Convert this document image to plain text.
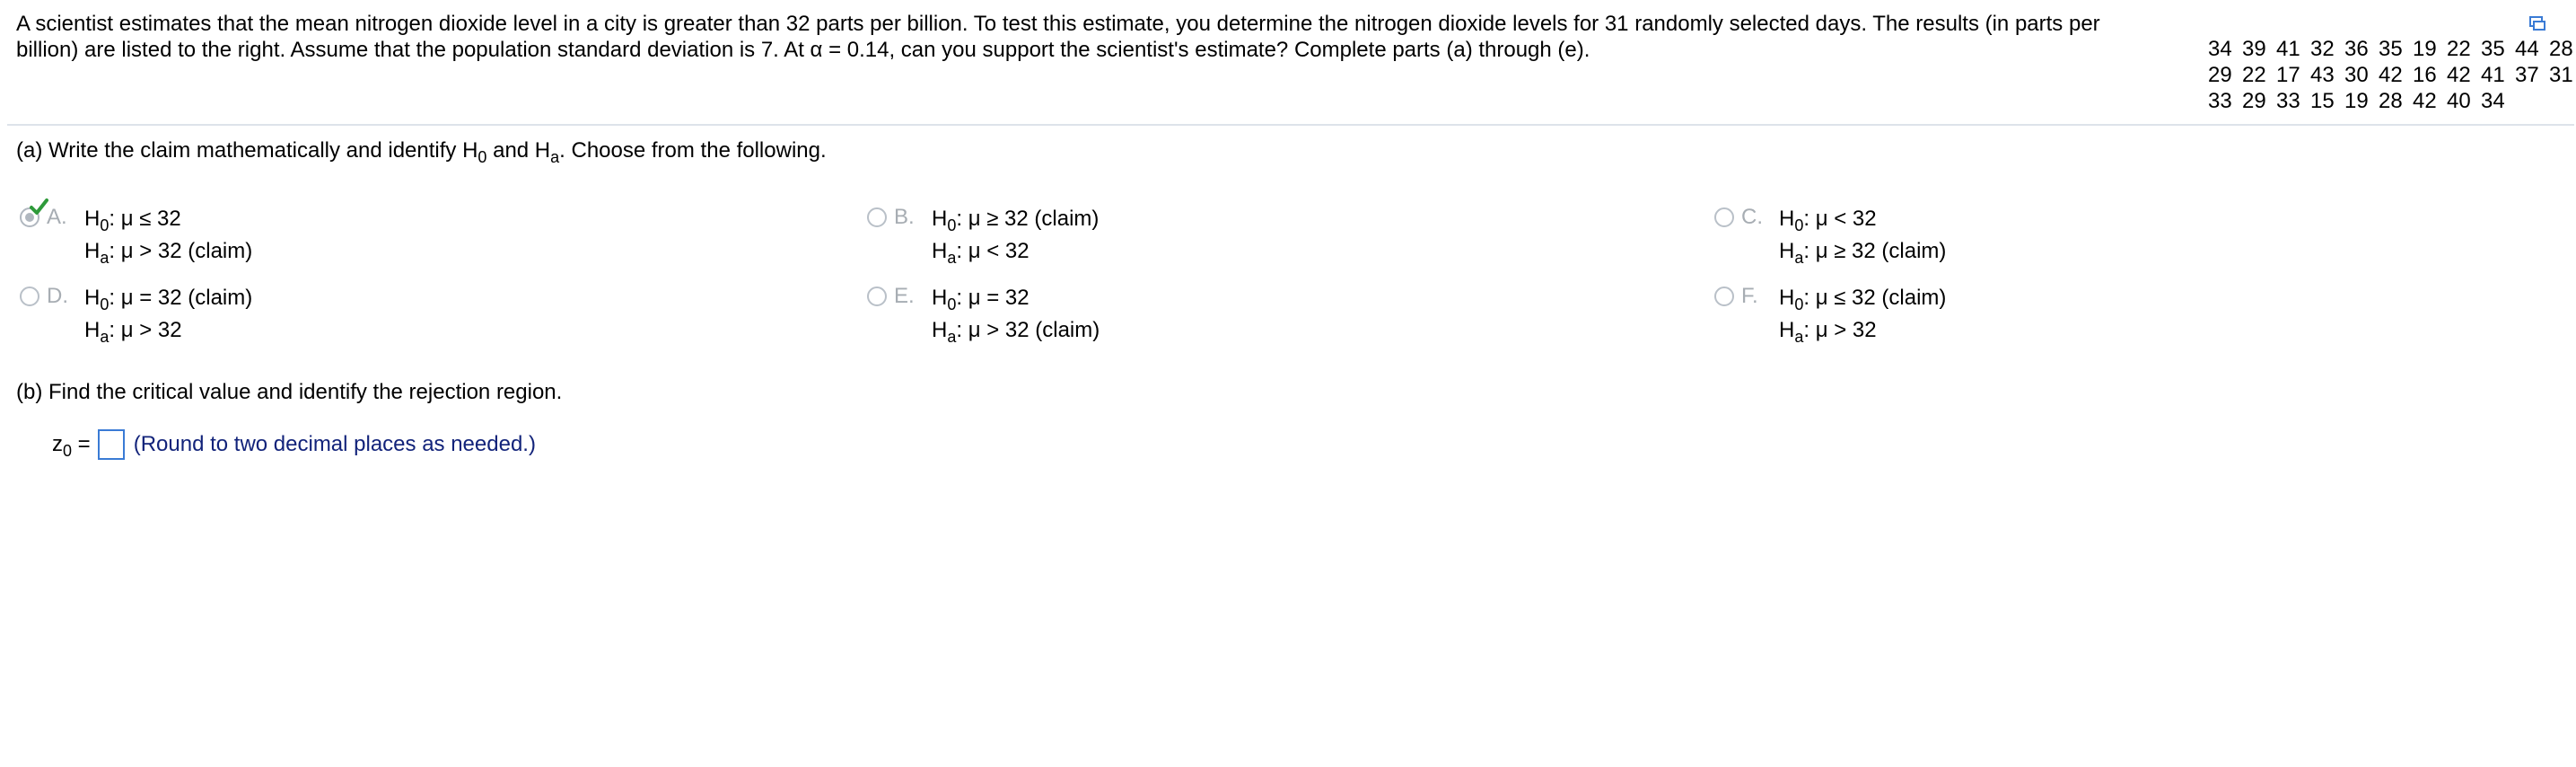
A scientist estimates that the mean nitrogen dioxide level in a city is greater than 32 parts per billion. To test this estimate, you determine the nitrogen dioxide levels for 31 randomly selected days. The results (in parts per billion) are listed to the right. Assume that the population standard deviation is 7. At α = 0.14, can you support the scientist's estimate? Complete parts (a) through (e).	34 39 41 32 36 35 19 22 35 44 28
29 22 17 43 30 42 16 42 41 37 31
33 29 33 15 19 28 42 40 34
(a) Write the claim mathematically and identify $H_0$ and $H_a$. Choose from the following.
A. $H_0$: μ ≤ 32
$H_a$: μ > 32 (claim)
B. $H_0$: μ ≥ 32 (claim)
$H_a$: μ < 32
C. $H_0$: μ < 32
$H_a$: μ ≥ 32 (claim)
D. $H_0$: μ = 32 (claim)
$H_a$: μ > 32
E. $H_0$: μ = 32
$H_a$: μ > 32 (claim)
F. $H_0$: μ ≤ 32 (claim)
$H_a$: μ > 32
(b) Find the critical value and identify the rejection region.
$z_0$ = (Round to two decimal places as needed.)
